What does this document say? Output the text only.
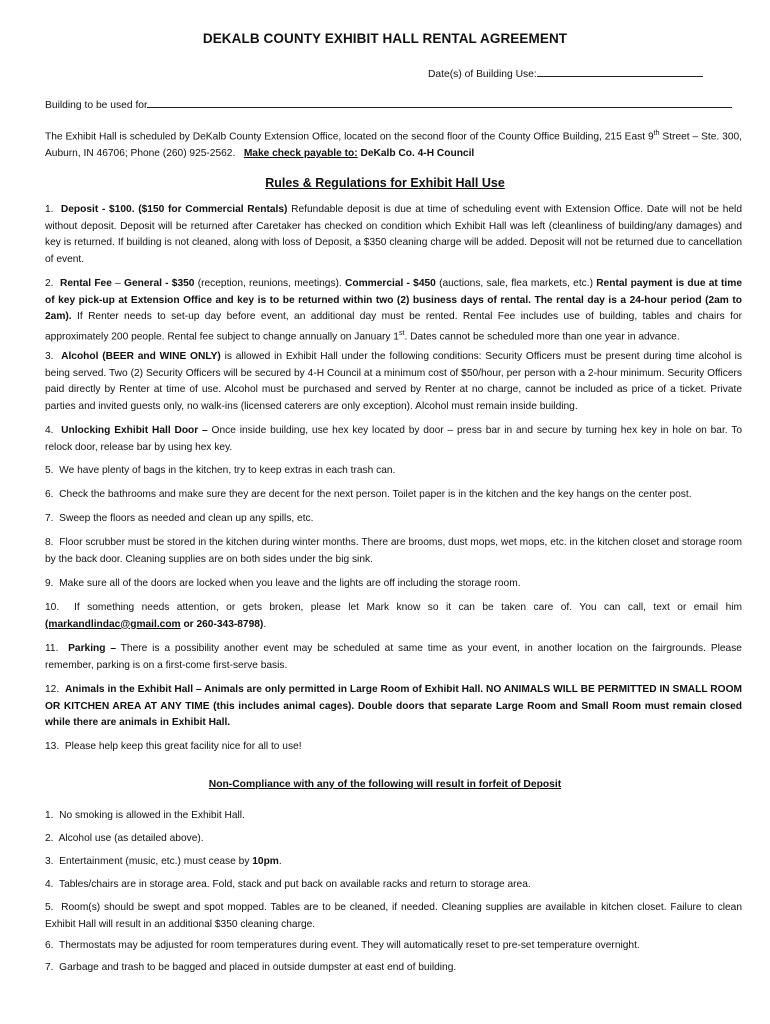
DEKALB COUNTY EXHIBIT HALL RENTAL AGREEMENT
Date(s) of Building Use:
Building to be used for
The Exhibit Hall is scheduled by DeKalb County Extension Office, located on the second floor of the County Office Building, 215 East 9th Street – Ste. 300, Auburn, IN 46706; Phone (260) 925-2562. Make check payable to: DeKalb Co. 4-H Council
Rules & Regulations for Exhibit Hall Use
1. Deposit - $100. ($150 for Commercial Rentals) Refundable deposit is due at time of scheduling event with Extension Office. Date will not be held without deposit. Deposit will be returned after Caretaker has checked on condition which Exhibit Hall was left (cleanliness of building/any damages) and key is returned. If building is not cleaned, along with loss of Deposit, a $350 cleaning charge will be added. Deposit will not be returned due to cancellation of event.
2. Rental Fee – General - $350 (reception, reunions, meetings). Commercial - $450 (auctions, sale, flea markets, etc.) Rental payment is due at time of key pick-up at Extension Office and key is to be returned within two (2) business days of rental. The rental day is a 24-hour period (2am to 2am). If Renter needs to set-up day before event, an additional day must be rented. Rental Fee includes use of building, tables and chairs for approximately 200 people. Rental fee subject to change annually on January 1st. Dates cannot be scheduled more than one year in advance.
3. Alcohol (BEER and WINE ONLY) is allowed in Exhibit Hall under the following conditions: Security Officers must be present during time alcohol is being served. Two (2) Security Officers will be secured by 4-H Council at a minimum cost of $50/hour, per person with a 2-hour minimum. Security Officers paid directly by Renter at time of use. Alcohol must be purchased and served by Renter at no charge, cannot be included as price of a ticket. Private parties and invited guests only, no walk-ins (licensed caterers are only exception). Alcohol must remain inside building.
4. Unlocking Exhibit Hall Door – Once inside building, use hex key located by door – press bar in and secure by turning hex key in hole on bar. To relock door, release bar by using hex key.
5. We have plenty of bags in the kitchen, try to keep extras in each trash can.
6. Check the bathrooms and make sure they are decent for the next person. Toilet paper is in the kitchen and the key hangs on the center post.
7. Sweep the floors as needed and clean up any spills, etc.
8. Floor scrubber must be stored in the kitchen during winter months. There are brooms, dust mops, wet mops, etc. in the kitchen closet and storage room by the back door. Cleaning supplies are on both sides under the big sink.
9. Make sure all of the doors are locked when you leave and the lights are off including the storage room.
10. If something needs attention, or gets broken, please let Mark know so it can be taken care of. You can call, text or email him (markandlindac@gmail.com or 260-343-8798).
11. Parking – There is a possibility another event may be scheduled at same time as your event, in another location on the fairgrounds. Please remember, parking is on a first-come first-serve basis.
12. Animals in the Exhibit Hall – Animals are only permitted in Large Room of Exhibit Hall. NO ANIMALS WILL BE PERMITTED IN SMALL ROOM OR KITCHEN AREA AT ANY TIME (this includes animal cages). Double doors that separate Large Room and Small Room must remain closed while there are animals in Exhibit Hall.
13. Please help keep this great facility nice for all to use!
Non-Compliance with any of the following will result in forfeit of Deposit
1. No smoking is allowed in the Exhibit Hall.
2. Alcohol use (as detailed above).
3. Entertainment (music, etc.) must cease by 10pm.
4. Tables/chairs are in storage area. Fold, stack and put back on available racks and return to storage area.
5. Room(s) should be swept and spot mopped. Tables are to be cleaned, if needed. Cleaning supplies are available in kitchen closet. Failure to clean Exhibit Hall will result in an additional $350 cleaning charge.
6. Thermostats may be adjusted for room temperatures during event. They will automatically reset to pre-set temperature overnight.
7. Garbage and trash to be bagged and placed in outside dumpster at east end of building.
